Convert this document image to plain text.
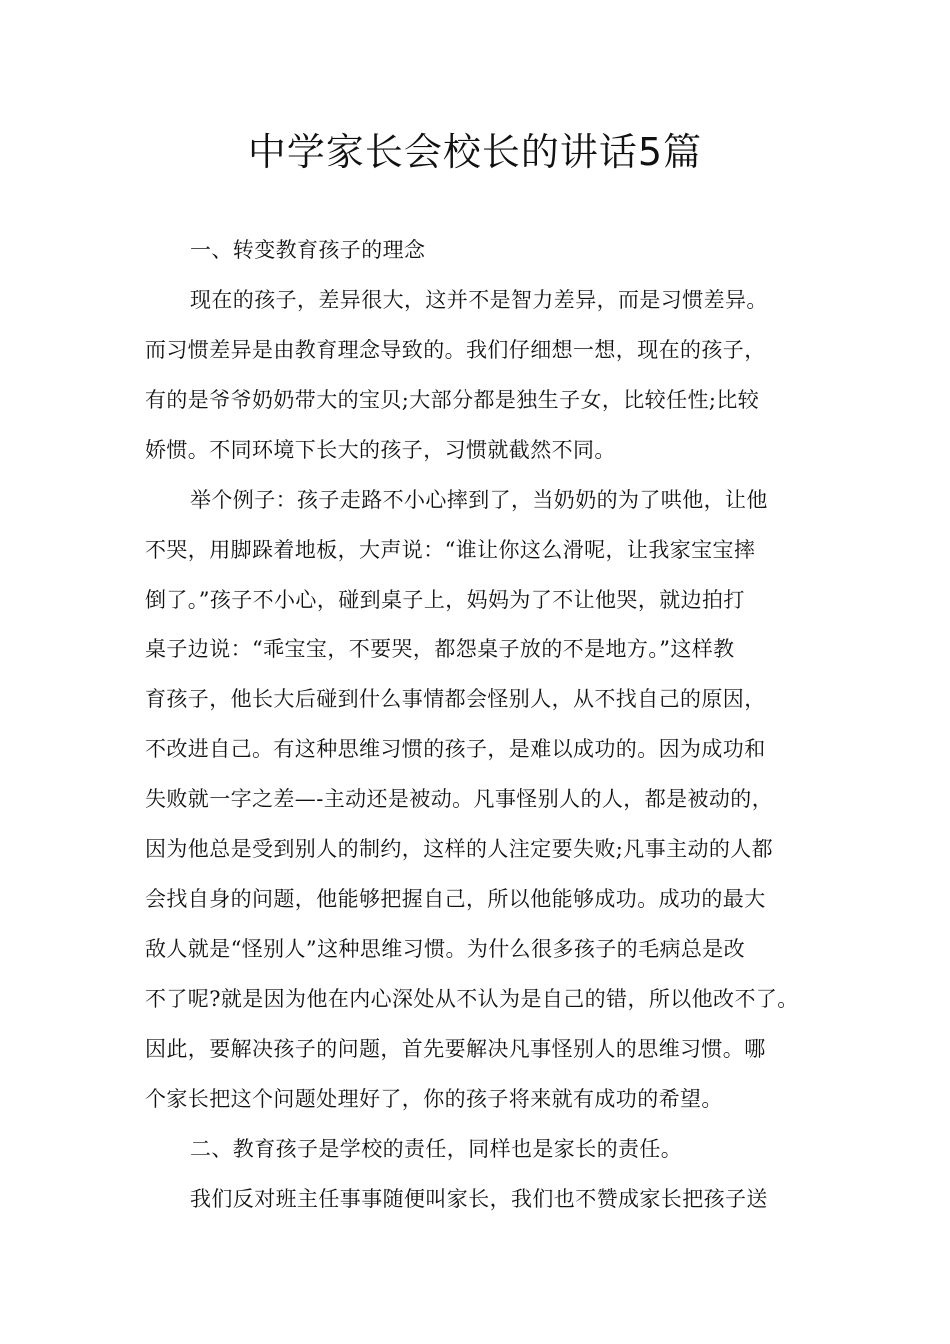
中学家长会校长的讲话5篇
一、转变教育孩子的理念
现在的孩子，差异很大，这并不是智力差异，而是习惯差异。
而习惯差异是由教育理念导致的。我们仔细想一想，现在的孩子，
有的是爷爷奶奶带大的宝贝;大部分都是独生子女，比较任性;比较
娇惯。不同环境下长大的孩子，习惯就截然不同。
举个例子：孩子走路不小心摔到了，当奶奶的为了哄他，让他
不哭，用脚跺着地板，大声说：“谁让你这么滑呢，让我家宝宝摔
倒了。”孩子不小心，碰到桌子上，妈妈为了不让他哭，就边拍打
桌子边说：“乖宝宝，不要哭，都怨桌子放的不是地方。”这样教
育孩子，他长大后碰到什么事情都会怪别人，从不找自己的原因，
不改进自己。有这种思维习惯的孩子，是难以成功的。因为成功和
失败就一字之差—-主动还是被动。凡事怪别人的人，都是被动的，
因为他总是受到别人的制约，这样的人注定要失败;凡事主动的人都
会找自身的问题，他能够把握自己，所以他能够成功。成功的最大
敌人就是“怪别人”这种思维习惯。为什么很多孩子的毛病总是改
不了呢?就是因为他在内心深处从不认为是自己的错，所以他改不了。
因此，要解决孩子的问题，首先要解决凡事怪别人的思维习惯。哪
个家长把这个问题处理好了，你的孩子将来就有成功的希望。
二、教育孩子是学校的责任，同样也是家长的责任。
我们反对班主任事事随便叫家长，我们也不赞成家长把孩子送
